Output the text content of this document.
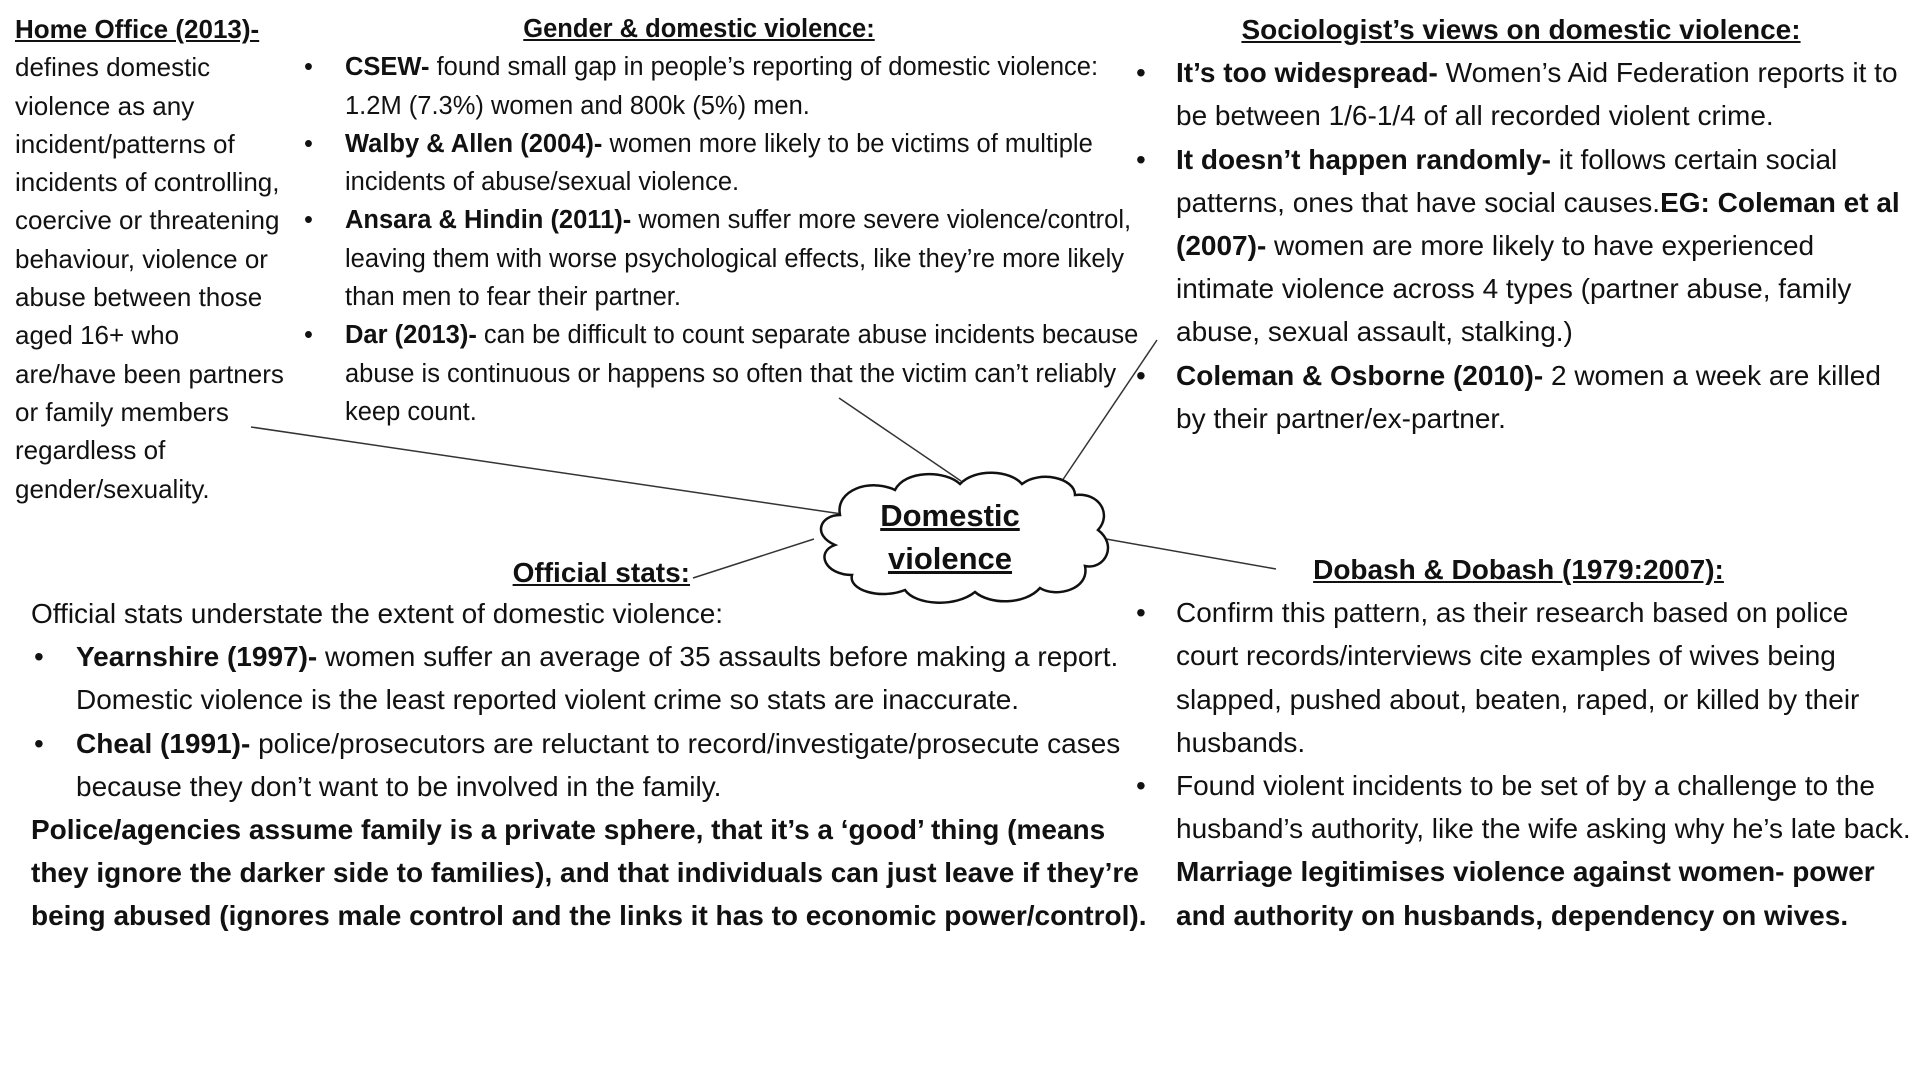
Domestic
violence
Home Office (2013)-
defines domestic violence as any incident/patterns of incidents of controlling, coercive or threatening behaviour, violence or abuse between those aged 16+ who are/have been partners or family members regardless of gender/sexuality.
Gender & domestic violence:
• CSEW- found small gap in people’s reporting of domestic violence: 1.2M (7.3%) women and 800k (5%) men.
• Walby & Allen (2004)- women more likely to be victims of multiple incidents of abuse/sexual violence.
• Ansara & Hindin (2011)- women suffer more severe violence/control, leaving them with worse psychological effects, like they’re more likely than men to fear their partner.
• Dar (2013)- can be difficult to count separate abuse incidents because abuse is continuous or happens so often that the victim can’t reliably keep count.
Sociologist’s views on domestic violence:
• It’s too widespread- Women’s Aid Federation reports it to be between 1/6-1/4 of all recorded violent crime.
• It doesn’t happen randomly- it follows certain social patterns, ones that have social causes.EG: Coleman et al (2007)- women are more likely to have experienced intimate violence across 4 types (partner abuse, family abuse, sexual assault, stalking.)
• Coleman & Osborne (2010)- 2 women a week are killed by their partner/ex-partner.
Official stats:
Official stats understate the extent of domestic violence:
• Yearnshire (1997)- women suffer an average of 35 assaults before making a report. Domestic violence is the least reported violent crime so stats are inaccurate.
• Cheal (1991)- police/prosecutors are reluctant to record/investigate/prosecute cases because they don’t want to be involved in the family.
Police/agencies assume family is a private sphere, that it’s a ‘good’ thing (means they ignore the darker side to families), and that individuals can just leave if they’re being abused (ignores male control and the links it has to economic power/control).
Dobash & Dobash (1979:2007):
• Confirm this pattern, as their research based on police court records/interviews cite examples of wives being slapped, pushed about, beaten, raped, or killed by their husbands.
• Found violent incidents to be set of by a challenge to the husband’s authority, like the wife asking why he’s late back. Marriage legitimises violence against women- power and authority on husbands, dependency on wives.
